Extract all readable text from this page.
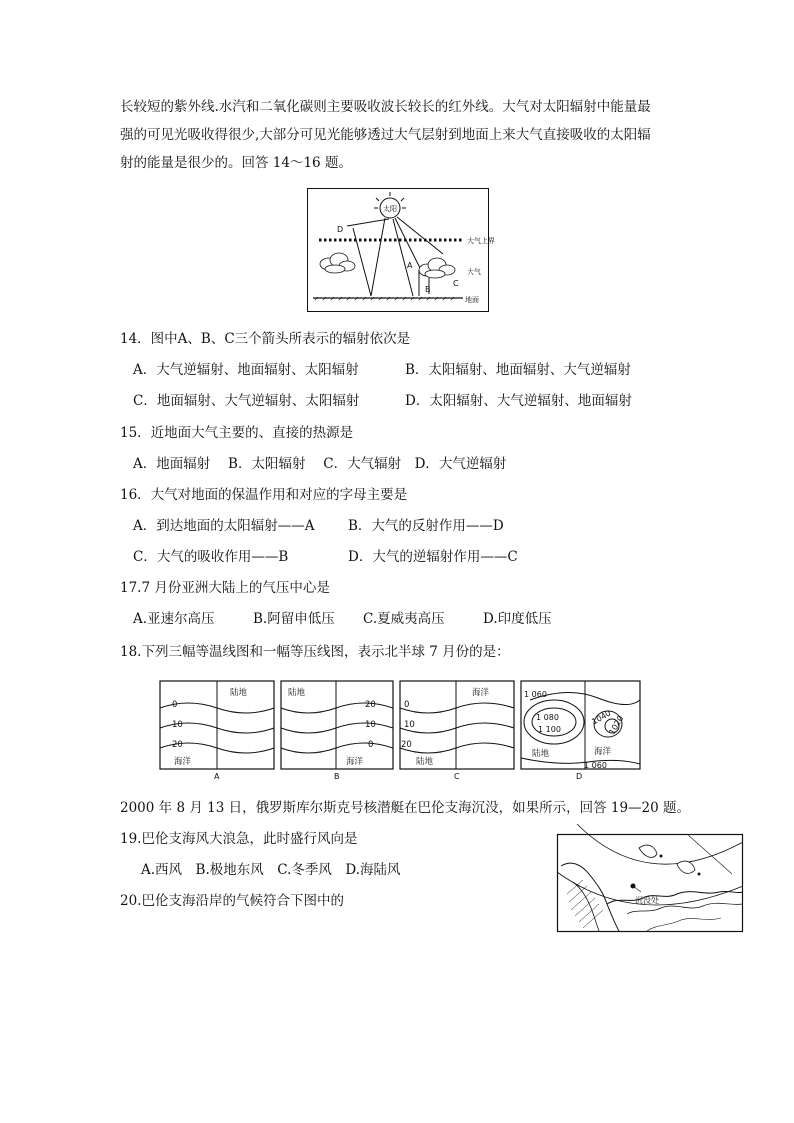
长较短的紫外线.水汽和二氧化碳则主要吸收波长较长的红外线。大气对太阳辐射中能量最
强的可见光吸收得很少,大部分可见光能够透过大气层射到地面上来大气直接吸收的太阳辐
射的能量是很少的。回答 14～16 题。
太阳
大气上界
大气
D
A
B
C
地面
14．图中A、B、C三个箭头所表示的辐射依次是
A．大气逆辐射、地面辐射、太阳辐射	B．太阳辐射、地面辐射、大气逆辐射
C．地面辐射、大气逆辐射、太阳辐射	D．太阳辐射、大气逆辐射、地面辐射
15．近地面大气主要的、直接的热源是
A．地面辐射　 B．太阳辐射　 C．大气辐射　D．大气逆辐射
16．大气对地面的保温作用和对应的字母主要是
A．到达地面的太阳辐射——A B．大气的反射作用——D
C．大气的吸收作用——B	D．大气的逆辐射作用——C
17.7 月份亚洲大陆上的气压中心是
A.亚速尔高压	B.阿留申低压 C.夏威夷高压	D.印度低压
18.下列三幅等温线图和一幅等压线图，表示北半球 7 月份的是：
0
10
20
陆地
海洋
A
20
10
0
陆地
海洋
B
0
10
20
海洋
陆地
C
1 060
1 080
1 100
1040
1020
陆地	海洋
1 060
D
2000 年 8 月 13 日，俄罗斯库尔斯克号核潜艇在巴伦支海沉没，如果所示，回答 19—20 题。
19.巴伦支海风大浪急，此时盛行风向是
A.西风　B.极地东风　C.冬季风　D.海陆风
20.巴伦支海沿岸的气候符合下图中的	沉没处
